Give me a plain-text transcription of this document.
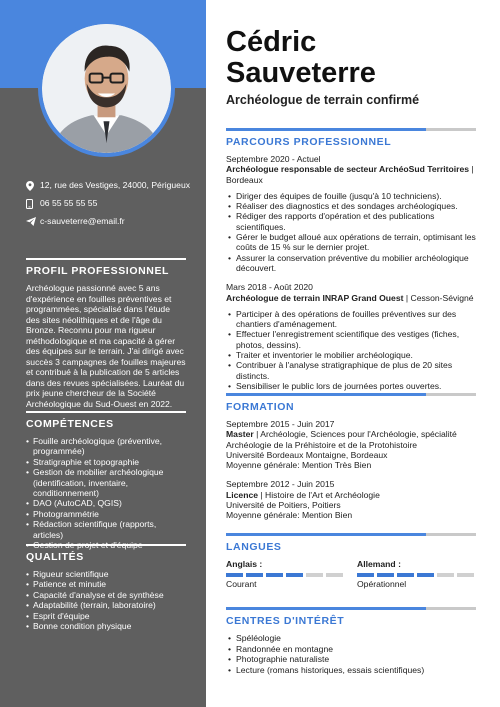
12, rue des Vestiges, 24000, Périgueux
06 55 55 55 55
c-sauveterre@email.fr
PROFIL PROFESSIONNEL

Archéologue passionné avec 5 ans d'expérience en fouilles préventives et programmées, spécialisé dans l'étude des sites néolithiques et de l'âge du Bronze. Reconnu pour ma rigueur méthodologique et ma capacité à gérer des équipes sur le terrain. J'ai dirigé avec succès 3 campagnes de fouilles majeures et contribué à la publication de 5 articles dans des revues spécialisées. Lauréat du prix jeune chercheur de la Société Archéologique du Sud-Ouest en 2022.

COMPÉTENCES
• Fouille archéologique (préventive, programmée)
• Stratigraphie et topographie
• Gestion de mobilier archéologique (identification, inventaire, conditionnement)
• DAO (AutoCAD, QGIS)
• Photogrammétrie
• Rédaction scientifique (rapports, articles)
• Gestion de projet et d'équipe
QUALITÉS
• Rigueur scientifique
• Patience et minutie
• Capacité d'analyse et de synthèse
• Adaptabilité (terrain, laboratoire)
• Esprit d'équipe
• Bonne condition physique
Cédric
Sauveterre
Archéologue de terrain confirmé
PARCOURS PROFESSIONNEL
Septembre 2020 - Actuel
Archéologue responsable de secteur ArchéoSud Territoires | Bordeaux
• Diriger des équipes de fouille (jusqu'à 10 techniciens).
• Réaliser des diagnostics et des sondages archéologiques.
• Rédiger des rapports d'opération et des publications scientifiques.
• Gérer le budget alloué aux opérations de terrain, optimisant les coûts de 15 % sur le dernier projet.
• Assurer la conservation préventive du mobilier archéologique découvert.
Mars 2018 - Août 2020
Archéologue de terrain INRAP Grand Ouest | Cesson-Sévigné
• Participer à des opérations de fouilles préventives sur des chantiers d'aménagement.
• Effectuer l'enregistrement scientifique des vestiges (fiches, photos, dessins).
• Traiter et inventorier le mobilier archéologique.
• Contribuer à l'analyse stratigraphique de plus de 20 sites distincts.
• Sensibiliser le public lors de journées portes ouvertes.
FORMATION
Septembre 2015 - Juin 2017
Master | Archéologie, Sciences pour l'Archéologie, spécialité Archéologie de la Préhistoire et de la Protohistoire
Université Bordeaux Montaigne, Bordeaux
Moyenne générale: Mention Très Bien
Septembre 2012 - Juin 2015
Licence | Histoire de l'Art et Archéologie
Université de Poitiers, Poitiers
Moyenne générale: Mention Bien
LANGUES
Anglais :
Courant
Allemand :
Opérationnel
CENTRES D'INTÉRÊT
• Spéléologie
• Randonnée en montagne
• Photographie naturaliste
• Lecture (romans historiques, essais scientifiques)
